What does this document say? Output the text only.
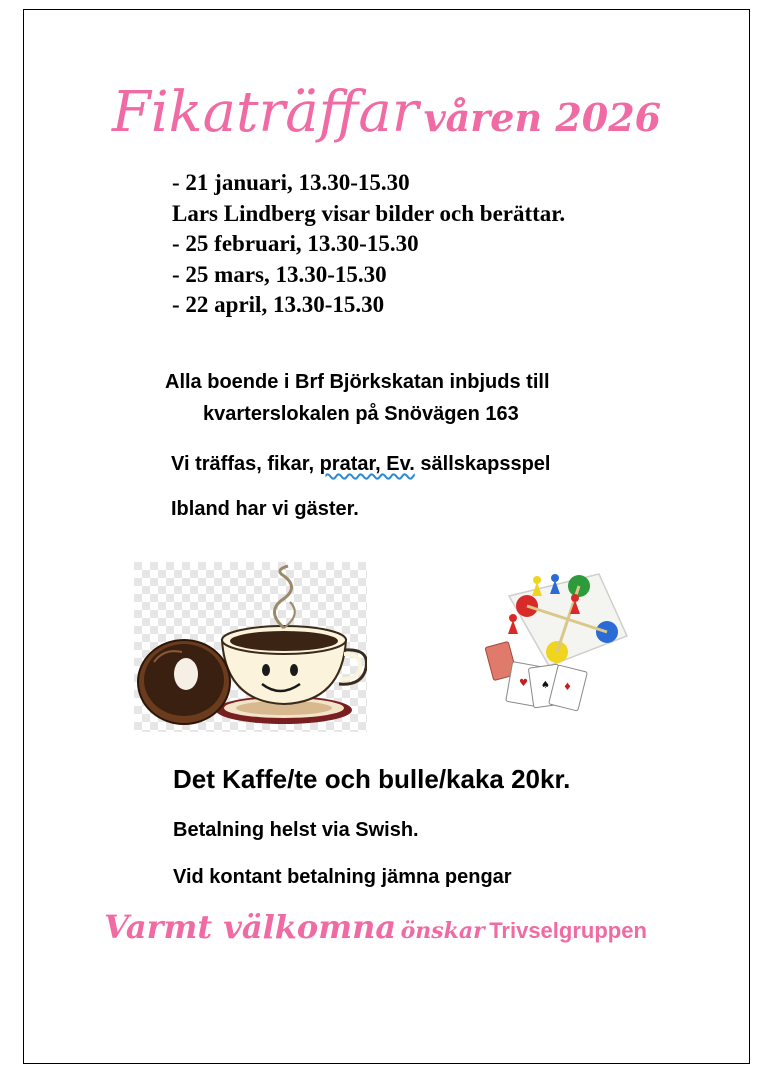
Fikaträffar våren 2026
- 21 januari, 13.30-15.30
Lars Lindberg visar bilder och berättar.
- 25 februari, 13.30-15.30
- 25 mars, 13.30-15.30
- 22 april, 13.30-15.30
Alla boende i Brf Björkskatan inbjuds till
kvarterslokalen på Snövägen 163
Vi träffas, fikar, pratar, Ev. sällskapsspel
Ibland har vi gäster.
♥ ♠ ♦
Det Kaffe/te och bulle/kaka 20kr.
Betalning helst via Swish.
Vid kontant betalning jämna pengar
Varmt välkomna önskar Trivselgruppen
